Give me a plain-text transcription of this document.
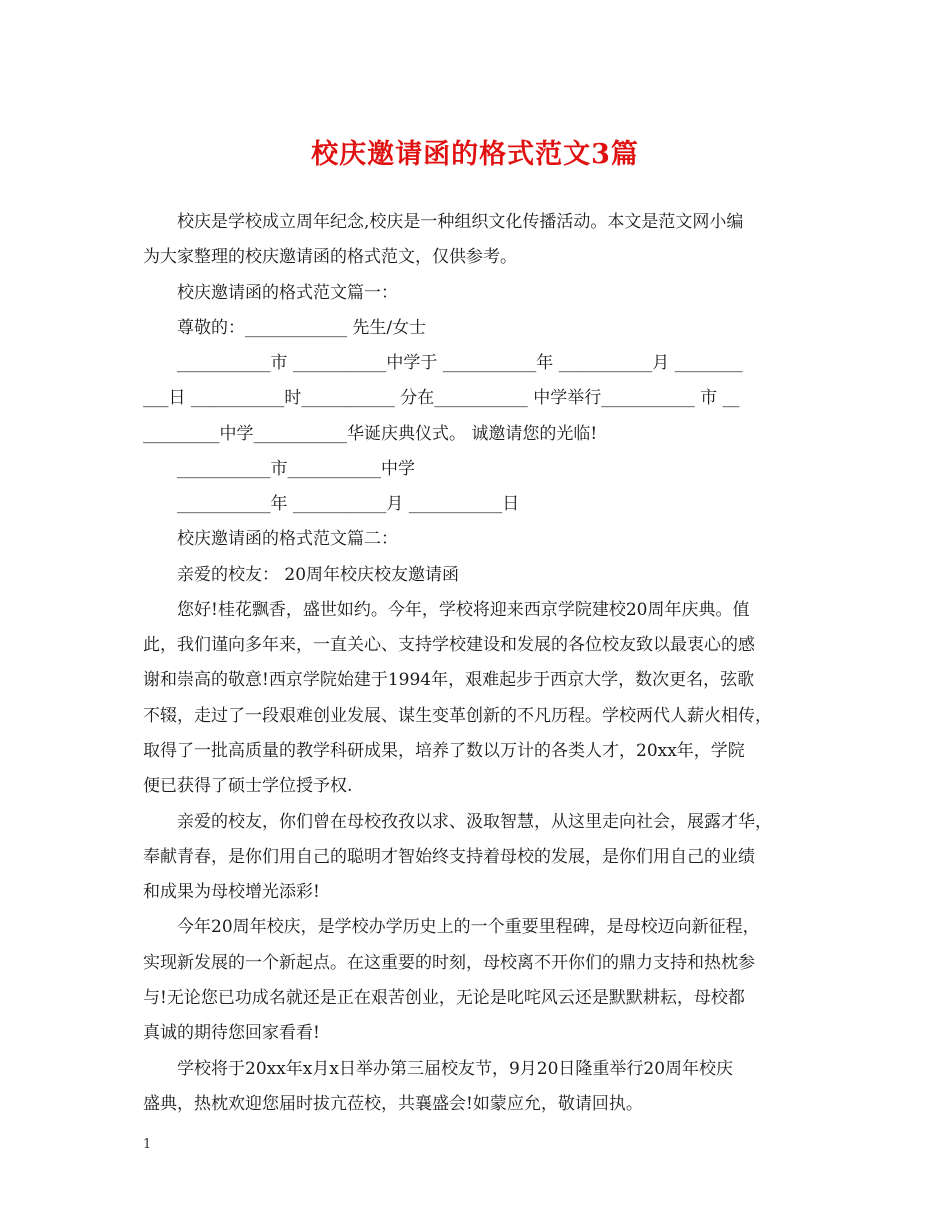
校庆邀请函的格式范文3篇
校庆是学校成立周年纪念,校庆是一种组织文化传播活动。本文是范文网小编
为大家整理的校庆邀请函的格式范文，仅供参考。
校庆邀请函的格式范文篇一：
尊敬的：____________ 先生/女士
___________市 ___________中学于 ___________年 ___________月 ________
___日 ___________时___________ 分在___________ 中学举行___________ 市 __
_________中学___________华诞庆典仪式。 诚邀请您的光临!
___________市___________中学
___________年 ___________月 ___________日
校庆邀请函的格式范文篇二：
亲爱的校友： 20周年校庆校友邀请函
您好!桂花飘香，盛世如约。今年，学校将迎来西京学院建校20周年庆典。值
此，我们谨向多年来，一直关心、支持学校建设和发展的各位校友致以最衷心的感
谢和崇高的敬意!西京学院始建于1994年，艰难起步于西京大学，数次更名，弦歌
不辍，走过了一段艰难创业发展、谋生变革创新的不凡历程。学校两代人薪火相传，
取得了一批高质量的教学科研成果，培养了数以万计的各类人才，20xx年，学院
便已获得了硕士学位授予权.
亲爱的校友，你们曾在母校孜孜以求、汲取智慧，从这里走向社会，展露才华，
奉献青春，是你们用自己的聪明才智始终支持着母校的发展，是你们用自己的业绩
和成果为母校增光添彩!
今年20周年校庆，是学校办学历史上的一个重要里程碑，是母校迈向新征程，
实现新发展的一个新起点。在这重要的时刻，母校离不开你们的鼎力支持和热枕参
与!无论您已功成名就还是正在艰苦创业，无论是叱咤风云还是默默耕耘，母校都
真诚的期待您回家看看!
学校将于20xx年x月x日举办第三届校友节，9月20日隆重举行20周年校庆
盛典，热枕欢迎您届时拔亢莅校，共襄盛会!如蒙应允，敬请回执。
1
